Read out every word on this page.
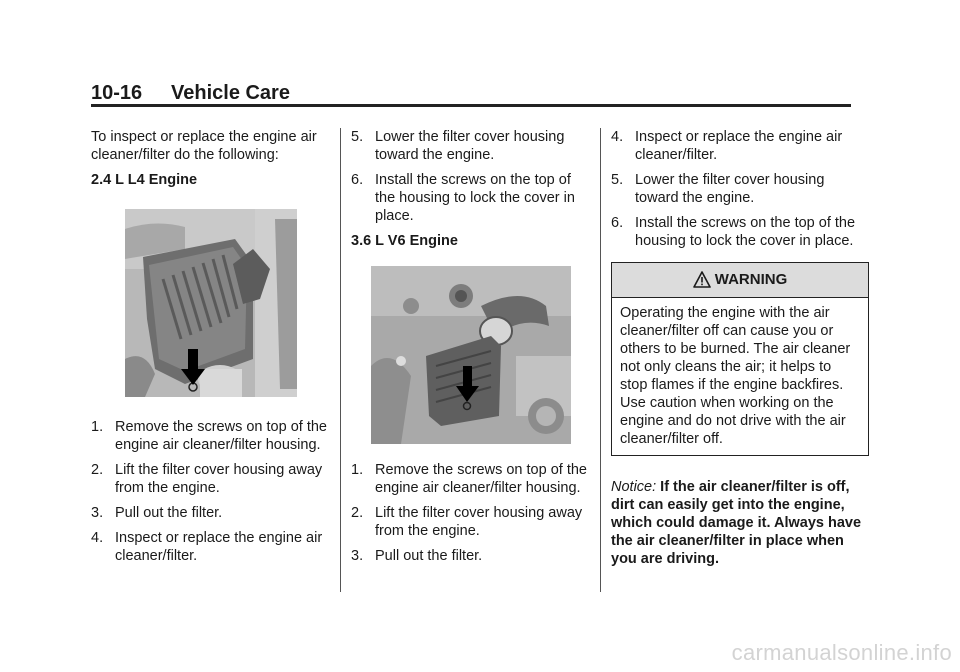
10-16 Vehicle Care

To inspect or replace the engine air cleaner/filter do the following:

2.4 L L4 Engine

1. Remove the screws on top of the engine air cleaner/filter housing.
2. Lift the filter cover housing away from the engine.
3. Pull out the filter.
4. Inspect or replace the engine air cleaner/filter.
5. Lower the filter cover housing toward the engine.
6. Install the screws on the top of the housing to lock the cover in place.

3.6 L V6 Engine

1. Remove the screws on top of the engine air cleaner/filter housing.
2. Lift the filter cover housing away from the engine.
3. Pull out the filter.
4. Inspect or replace the engine air cleaner/filter.
5. Lower the filter cover housing toward the engine.
6. Install the screws on the top of the housing to lock the cover in place.
WARNING
Operating the engine with the air cleaner/filter off can cause you or others to be burned. The air cleaner not only cleans the air; it helps to stop flames if the engine backfires. Use caution when working on the engine and do not drive with the air cleaner/filter off.
Notice: If the air cleaner/filter is off, dirt can easily get into the engine, which could damage it. Always have the air cleaner/filter in place when you are driving.
carmanualsonline.info
